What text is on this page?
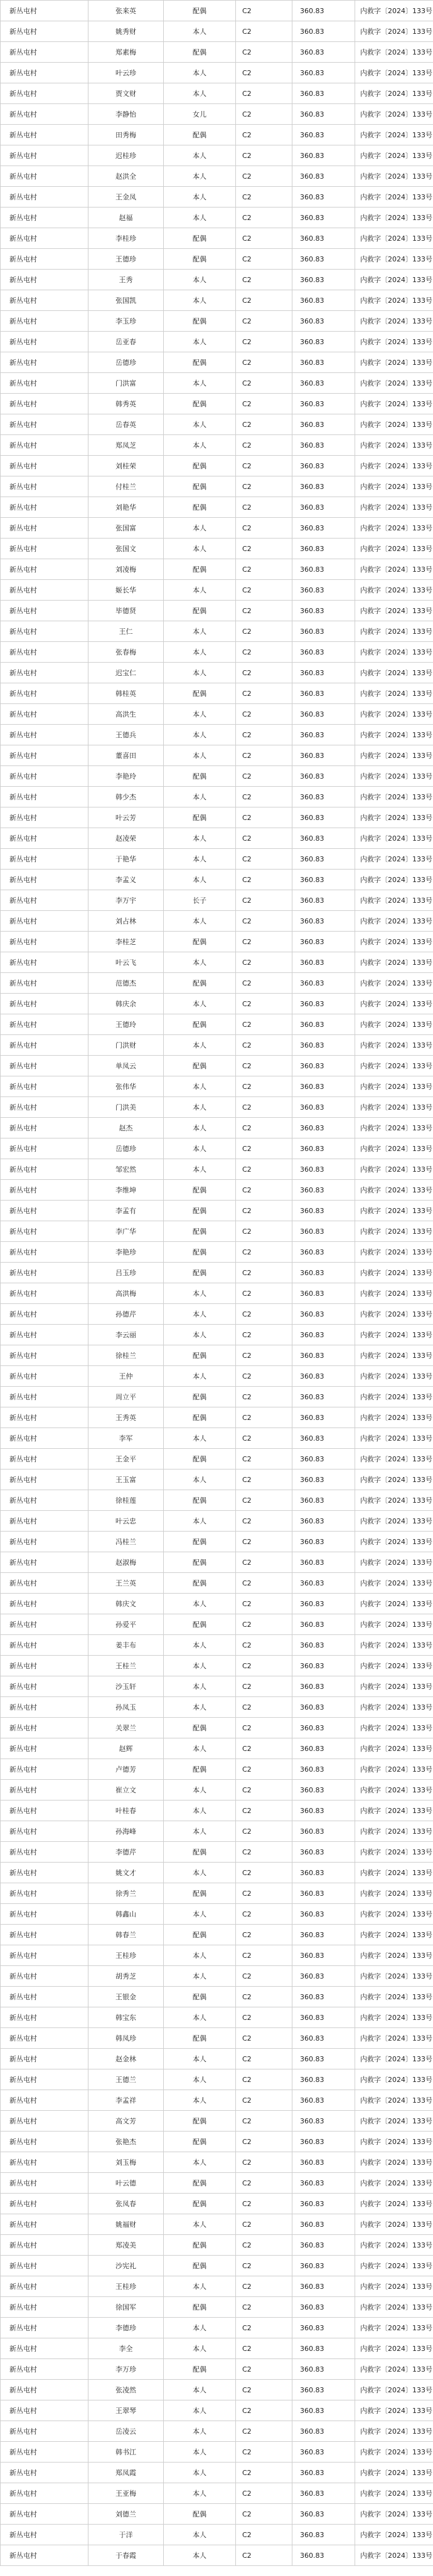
新丛屯村	张来英	配偶	C2	360.83	内救字〔2024〕133号
新丛屯村	姚秀财	本人	C2	360.83	内救字〔2024〕133号
新丛屯村	郑素梅	配偶	C2	360.83	内救字〔2024〕133号
新丛屯村	叶云珍	本人	C2	360.83	内救字〔2024〕133号
新丛屯村	贾文财	本人	C2	360.83	内救字〔2024〕133号
新丛屯村	李静怡	女儿	C2	360.83	内救字〔2024〕133号
新丛屯村	田秀梅	配偶	C2	360.83	内救字〔2024〕133号
新丛屯村	迟桂珍	本人	C2	360.83	内救字〔2024〕133号
新丛屯村	赵洪全	本人	C2	360.83	内救字〔2024〕133号
新丛屯村	王金凤	本人	C2	360.83	内救字〔2024〕133号
新丛屯村	赵福	本人	C2	360.83	内救字〔2024〕133号
新丛屯村	李桂珍	配偶	C2	360.83	内救字〔2024〕133号
新丛屯村	王德珍	配偶	C2	360.83	内救字〔2024〕133号
新丛屯村	王秀	本人	C2	360.83	内救字〔2024〕133号
新丛屯村	张国凯	本人	C2	360.83	内救字〔2024〕133号
新丛屯村	李玉珍	配偶	C2	360.83	内救字〔2024〕133号
新丛屯村	岳亚春	本人	C2	360.83	内救字〔2024〕133号
新丛屯村	岳德珍	配偶	C2	360.83	内救字〔2024〕133号
新丛屯村	门洪富	本人	C2	360.83	内救字〔2024〕133号
新丛屯村	韩秀英	配偶	C2	360.83	内救字〔2024〕133号
新丛屯村	岳春英	本人	C2	360.83	内救字〔2024〕133号
新丛屯村	郑凤芝	本人	C2	360.83	内救字〔2024〕133号
新丛屯村	刘桂荣	配偶	C2	360.83	内救字〔2024〕133号
新丛屯村	付桂兰	配偶	C2	360.83	内救字〔2024〕133号
新丛屯村	刘艳华	配偶	C2	360.83	内救字〔2024〕133号
新丛屯村	张国富	本人	C2	360.83	内救字〔2024〕133号
新丛屯村	张国文	本人	C2	360.83	内救字〔2024〕133号
新丛屯村	刘凌梅	配偶	C2	360.83	内救字〔2024〕133号
新丛屯村	姬长华	本人	C2	360.83	内救字〔2024〕133号
新丛屯村	毕德贤	配偶	C2	360.83	内救字〔2024〕133号
新丛屯村	王仁	本人	C2	360.83	内救字〔2024〕133号
新丛屯村	张春梅	本人	C2	360.83	内救字〔2024〕133号
新丛屯村	迟宝仁	本人	C2	360.83	内救字〔2024〕133号
新丛屯村	韩桂英	配偶	C2	360.83	内救字〔2024〕133号
新丛屯村	高洪生	本人	C2	360.83	内救字〔2024〕133号
新丛屯村	王德兵	本人	C2	360.83	内救字〔2024〕133号
新丛屯村	董喜田	本人	C2	360.83	内救字〔2024〕133号
新丛屯村	李艳玲	配偶	C2	360.83	内救字〔2024〕133号
新丛屯村	韩少杰	本人	C2	360.83	内救字〔2024〕133号
新丛屯村	叶云芳	配偶	C2	360.83	内救字〔2024〕133号
新丛屯村	赵凌荣	本人	C2	360.83	内救字〔2024〕133号
新丛屯村	于艳华	本人	C2	360.83	内救字〔2024〕133号
新丛屯村	李孟义	本人	C2	360.83	内救字〔2024〕133号
新丛屯村	李万宇	长子	C2	360.83	内救字〔2024〕133号
新丛屯村	刘占林	本人	C2	360.83	内救字〔2024〕133号
新丛屯村	李桂芝	配偶	C2	360.83	内救字〔2024〕133号
新丛屯村	叶云飞	本人	C2	360.83	内救字〔2024〕133号
新丛屯村	范德杰	配偶	C2	360.83	内救字〔2024〕133号
新丛屯村	韩庆余	本人	C2	360.83	内救字〔2024〕133号
新丛屯村	王德玲	配偶	C2	360.83	内救字〔2024〕133号
新丛屯村	门洪财	本人	C2	360.83	内救字〔2024〕133号
新丛屯村	单凤云	配偶	C2	360.83	内救字〔2024〕133号
新丛屯村	张伟华	本人	C2	360.83	内救字〔2024〕133号
新丛屯村	门洪美	本人	C2	360.83	内救字〔2024〕133号
新丛屯村	赵杰	本人	C2	360.83	内救字〔2024〕133号
新丛屯村	岳德珍	本人	C2	360.83	内救字〔2024〕133号
新丛屯村	邹宏然	本人	C2	360.83	内救字〔2024〕133号
新丛屯村	李维坤	配偶	C2	360.83	内救字〔2024〕133号
新丛屯村	李孟有	配偶	C2	360.83	内救字〔2024〕133号
新丛屯村	李广华	配偶	C2	360.83	内救字〔2024〕133号
新丛屯村	李艳珍	配偶	C2	360.83	内救字〔2024〕133号
新丛屯村	吕玉珍	配偶	C2	360.83	内救字〔2024〕133号
新丛屯村	高洪梅	本人	C2	360.83	内救字〔2024〕133号
新丛屯村	孙德芹	本人	C2	360.83	内救字〔2024〕133号
新丛屯村	李云丽	本人	C2	360.83	内救字〔2024〕133号
新丛屯村	徐桂兰	配偶	C2	360.83	内救字〔2024〕133号
新丛屯村	王仲	本人	C2	360.83	内救字〔2024〕133号
新丛屯村	周立平	配偶	C2	360.83	内救字〔2024〕133号
新丛屯村	王秀英	配偶	C2	360.83	内救字〔2024〕133号
新丛屯村	李军	本人	C2	360.83	内救字〔2024〕133号
新丛屯村	王金平	配偶	C2	360.83	内救字〔2024〕133号
新丛屯村	王玉富	本人	C2	360.83	内救字〔2024〕133号
新丛屯村	徐桂莲	配偶	C2	360.83	内救字〔2024〕133号
新丛屯村	叶云忠	本人	C2	360.83	内救字〔2024〕133号
新丛屯村	冯桂兰	配偶	C2	360.83	内救字〔2024〕133号
新丛屯村	赵淑梅	配偶	C2	360.83	内救字〔2024〕133号
新丛屯村	王兰英	配偶	C2	360.83	内救字〔2024〕133号
新丛屯村	韩庆文	本人	C2	360.83	内救字〔2024〕133号
新丛屯村	孙爱平	配偶	C2	360.83	内救字〔2024〕133号
新丛屯村	姜丰布	本人	C2	360.83	内救字〔2024〕133号
新丛屯村	王桂兰	本人	C2	360.83	内救字〔2024〕133号
新丛屯村	沙玉轩	本人	C2	360.83	内救字〔2024〕133号
新丛屯村	孙凤玉	本人	C2	360.83	内救字〔2024〕133号
新丛屯村	关翠兰	配偶	C2	360.83	内救字〔2024〕133号
新丛屯村	赵辉	本人	C2	360.83	内救字〔2024〕133号
新丛屯村	卢德芳	配偶	C2	360.83	内救字〔2024〕133号
新丛屯村	崔立文	本人	C2	360.83	内救字〔2024〕133号
新丛屯村	叶桂春	本人	C2	360.83	内救字〔2024〕133号
新丛屯村	孙海峰	本人	C2	360.83	内救字〔2024〕133号
新丛屯村	李德芹	配偶	C2	360.83	内救字〔2024〕133号
新丛屯村	姚文才	本人	C2	360.83	内救字〔2024〕133号
新丛屯村	徐秀兰	配偶	C2	360.83	内救字〔2024〕133号
新丛屯村	韩鑫山	本人	C2	360.83	内救字〔2024〕133号
新丛屯村	韩春兰	配偶	C2	360.83	内救字〔2024〕133号
新丛屯村	王桂珍	本人	C2	360.83	内救字〔2024〕133号
新丛屯村	胡秀芝	本人	C2	360.83	内救字〔2024〕133号
新丛屯村	王银金	配偶	C2	360.83	内救字〔2024〕133号
新丛屯村	韩宝东	本人	C2	360.83	内救字〔2024〕133号
新丛屯村	韩凤珍	配偶	C2	360.83	内救字〔2024〕133号
新丛屯村	赵金林	本人	C2	360.83	内救字〔2024〕133号
新丛屯村	王德兰	本人	C2	360.83	内救字〔2024〕133号
新丛屯村	李孟祥	本人	C2	360.83	内救字〔2024〕133号
新丛屯村	高文芳	配偶	C2	360.83	内救字〔2024〕133号
新丛屯村	张艳杰	配偶	C2	360.83	内救字〔2024〕133号
新丛屯村	刘玉梅	本人	C2	360.83	内救字〔2024〕133号
新丛屯村	叶云德	配偶	C2	360.83	内救字〔2024〕133号
新丛屯村	张凤春	配偶	C2	360.83	内救字〔2024〕133号
新丛屯村	姚福财	本人	C2	360.83	内救字〔2024〕133号
新丛屯村	郑凌美	配偶	C2	360.83	内救字〔2024〕133号
新丛屯村	沙宪礼	配偶	C2	360.83	内救字〔2024〕133号
新丛屯村	王桂珍	本人	C2	360.83	内救字〔2024〕133号
新丛屯村	徐国军	配偶	C2	360.83	内救字〔2024〕133号
新丛屯村	李德珍	本人	C2	360.83	内救字〔2024〕133号
新丛屯村	李全	本人	C2	360.83	内救字〔2024〕133号
新丛屯村	李万珍	配偶	C2	360.83	内救字〔2024〕133号
新丛屯村	张凌然	本人	C2	360.83	内救字〔2024〕133号
新丛屯村	王翠琴	本人	C2	360.83	内救字〔2024〕133号
新丛屯村	岳凌云	本人	C2	360.83	内救字〔2024〕133号
新丛屯村	韩书江	本人	C2	360.83	内救字〔2024〕133号
新丛屯村	郑凤霞	本人	C2	360.83	内救字〔2024〕133号
新丛屯村	王亚梅	本人	C2	360.83	内救字〔2024〕133号
新丛屯村	刘德兰	配偶	C2	360.83	内救字〔2024〕133号
新丛屯村	于洋	本人	C2	360.83	内救字〔2024〕133号
新丛屯村	于春霞	本人	C2	360.83	内救字〔2024〕133号
